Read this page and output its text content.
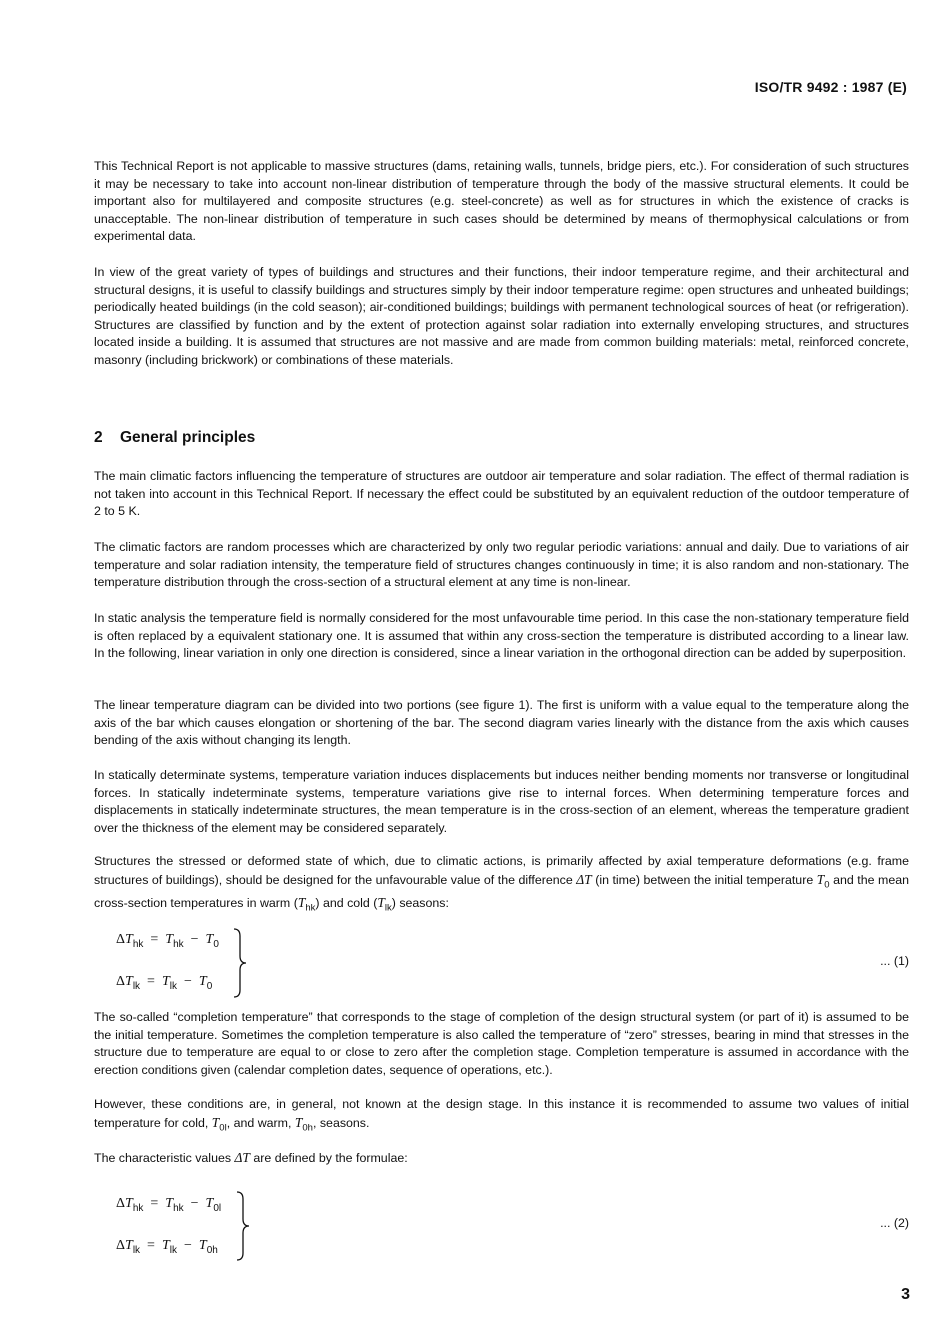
ISO/TR 9492 : 1987 (E)

This Technical Report is not applicable to massive structures (dams, retaining walls, tunnels, bridge piers, etc.). For consideration of such structures it may be necessary to take into account non-linear distribution of temperature through the body of the massive structural elements. It could be important also for multilayered and composite structures (e.g. steel-concrete) as well as for structures in which the existence of cracks is unacceptable. The non-linear distribution of temperature in such cases should be determined by means of thermophysical calculations or from experimental data.

In view of the great variety of types of buildings and structures and their functions, their indoor temperature regime, and their architectural and structural designs, it is useful to classify buildings and structures simply by their indoor temperature regime: open structures and unheated buildings; periodically heated buildings (in the cold season); air-conditioned buildings; buildings with permanent technological sources of heat (or refrigeration). Structures are classified by function and by the extent of protection against solar radiation into externally enveloping structures, and structures located inside a building. It is assumed that structures are not massive and are made from common building materials: metal, reinforced concrete, masonry (including brickwork) or combinations of these materials.

2 General principles

The main climatic factors influencing the temperature of structures are outdoor air temperature and solar radiation. The effect of thermal radiation is not taken into account in this Technical Report. If necessary the effect could be substituted by an equivalent reduction of the outdoor temperature of 2 to 5 K.

The climatic factors are random processes which are characterized by only two regular periodic variations: annual and daily. Due to variations of air temperature and solar radiation intensity, the temperature field of structures changes continuously in time; it is also random and non-stationary. The temperature distribution through the cross-section of a structural element at any time is non-linear.

In static analysis the temperature field is normally considered for the most unfavourable time period. In this case the non-stationary temperature field is often replaced by a equivalent stationary one. It is assumed that within any cross-section the temperature is distributed according to a linear law. In the following, linear variation in only one direction is considered, since a linear variation in the orthogonal direction can be added by superposition.

The linear temperature diagram can be divided into two portions (see figure 1). The first is uniform with a value equal to the temperature along the axis of the bar which causes elongation or shortening of the bar. The second diagram varies linearly with the distance from the axis which causes bending of the axis without changing its length.

In statically determinate systems, temperature variation induces displacements but induces neither bending moments nor transverse or longitudinal forces. In statically indeterminate systems, temperature variations give rise to internal forces. When determining temperature forces and displacements in statically indeterminate structures, the mean temperature is in the cross-section of an element, whereas the temperature gradient over the thickness of the element may be considered separately.

Structures the stressed or deformed state of which, due to climatic actions, is primarily affected by axial temperature deformations (e.g. frame structures of buildings), should be designed for the unfavourable value of the difference ΔT (in time) between the initial temperature $T_0$ and the mean cross-section temperatures in warm $(T_{hk})$ and cold $(T_{lk})$ seasons:

$\Delta T_{hk} = T_{hk} - T_0$
$\Delta T_{lk} = T_{lk} - T_0$
... (1)

The so-called “completion temperature” that corresponds to the stage of completion of the design structural system (or part of it) is assumed to be the initial temperature. Sometimes the completion temperature is also called the temperature of “zero” stresses, bearing in mind that stresses in the structure due to temperature are equal to or close to zero after the completion stage. Completion temperature is assumed in accordance with the erection conditions given (calendar completion dates, sequence of operations, etc.).

However, these conditions are, in general, not known at the design stage. In this instance it is recommended to assume two values of initial temperature for cold, $T_{0l}$, and warm, $T_{0h}$, seasons.

The characteristic values ΔT are defined by the formulae:

$\Delta T_{hk} = T_{hk} - T_{0l}$
$\Delta T_{lk} = T_{lk} - T_{0h}$
... (2)
3
